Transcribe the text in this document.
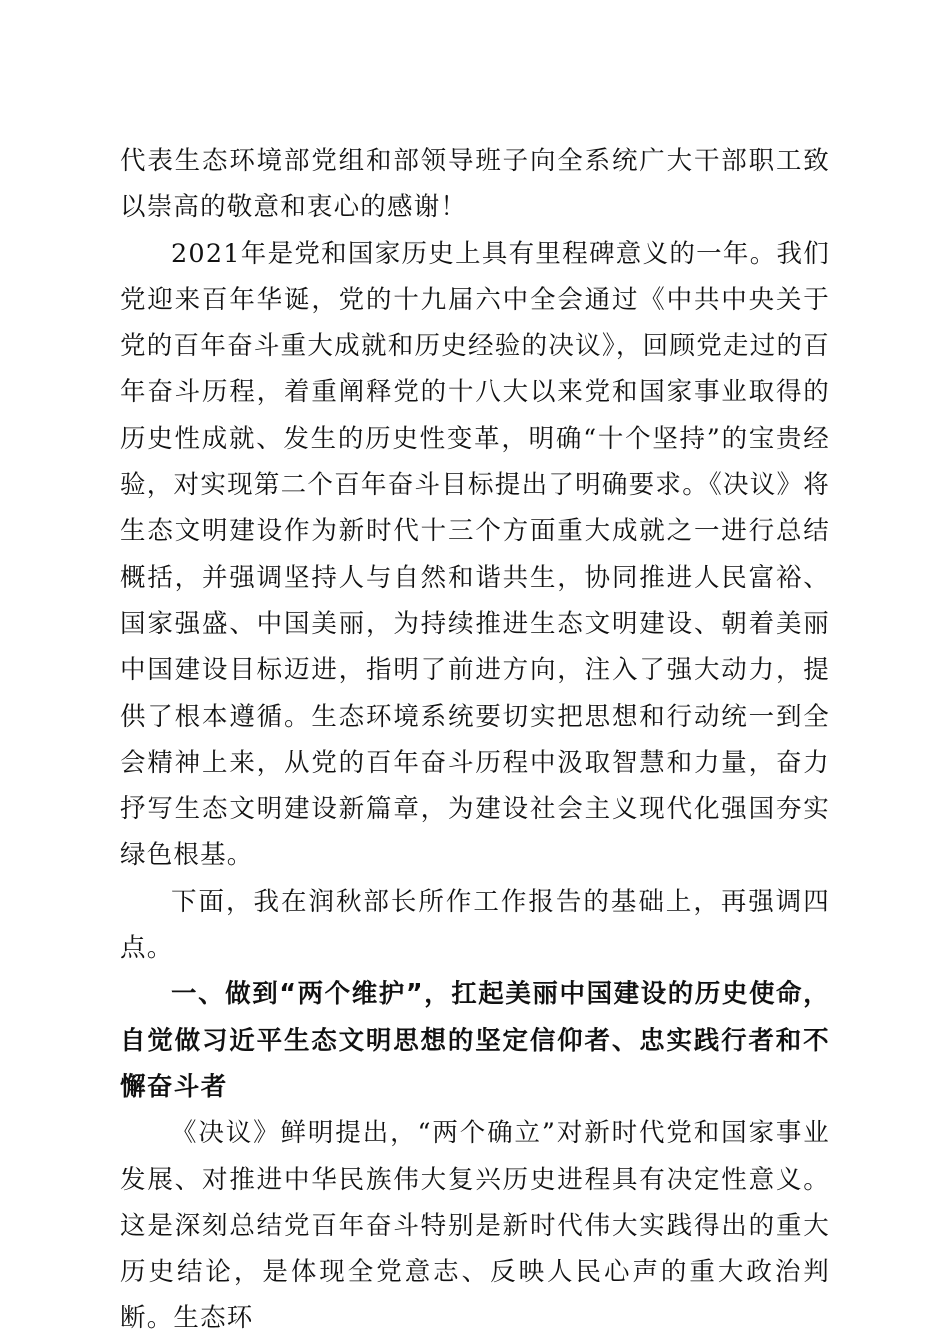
代表生态环境部党组和部领导班子向全系统广大干部职工致以崇高的敬意和衷心的感谢！

2021年是党和国家历史上具有里程碑意义的一年。我们党迎来百年华诞，党的十九届六中全会通过《中共中央关于党的百年奋斗重大成就和历史经验的决议》，回顾党走过的百年奋斗历程，着重阐释党的十八大以来党和国家事业取得的历史性成就、发生的历史性变革，明确“十个坚持”的宝贵经验，对实现第二个百年奋斗目标提出了明确要求。《决议》将生态文明建设作为新时代十三个方面重大成就之一进行总结概括，并强调坚持人与自然和谐共生，协同推进人民富裕、国家强盛、中国美丽，为持续推进生态文明建设、朝着美丽中国建设目标迈进，指明了前进方向，注入了强大动力，提供了根本遵循。生态环境系统要切实把思想和行动统一到全会精神上来，从党的百年奋斗历程中汲取智慧和力量，奋力抒写生态文明建设新篇章，为建设社会主义现代化强国夯实绿色根基。

下面，我在润秋部长所作工作报告的基础上，再强调四点。

一、做到“两个维护”，扛起美丽中国建设的历史使命，自觉做习近平生态文明思想的坚定信仰者、忠实践行者和不懈奋斗者

《决议》鲜明提出，“两个确立”对新时代党和国家事业发展、对推进中华民族伟大复兴历史进程具有决定性意义。这是深刻总结党百年奋斗特别是新时代伟大实践得出的重大历史结论，是体现全党意志、反映人民心声的重大政治判断。生态环
